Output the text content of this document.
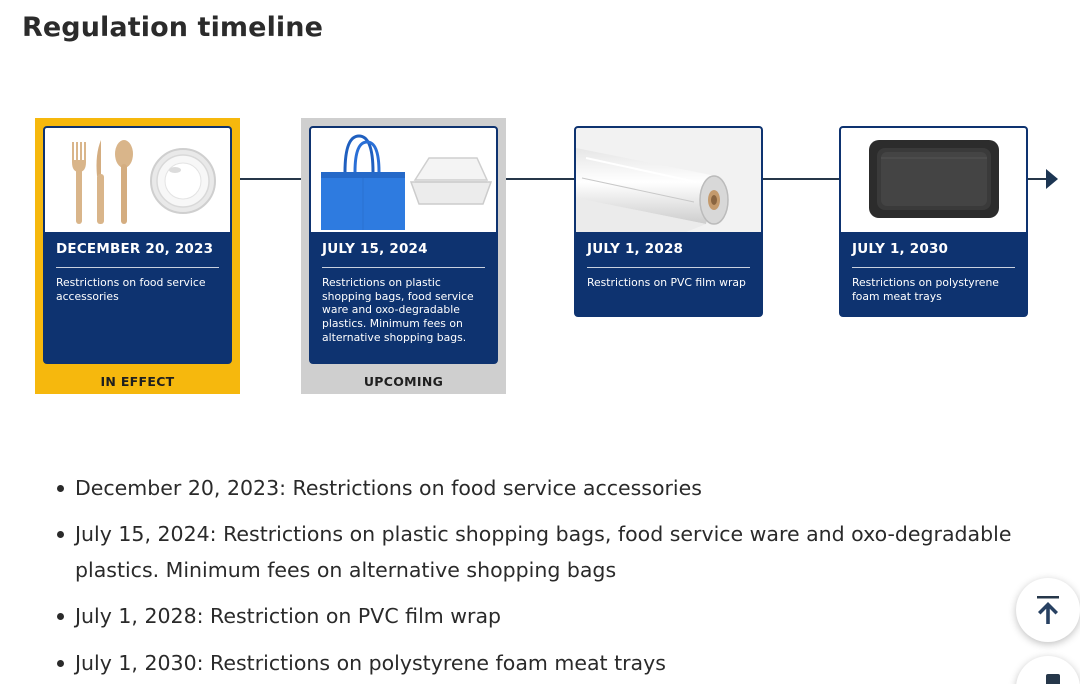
Regulation timeline
IN EFFECT	UPCOMING
DECEMBER 20, 2023
Restrictions on food service accessories
JULY 15, 2024
Restrictions on plastic shopping bags, food service ware and oxo-degradable plastics. Minimum fees on alternative shopping bags.
JULY 1, 2028
Restrictions on PVC film wrap
JULY 1, 2030
Restrictions on polystyrene foam meat trays
December 20, 2023: Restrictions on food service accessories
July 15, 2024: Restrictions on plastic shopping bags, food service ware and oxo-degradable plastics. Minimum fees on alternative shopping bags
July 1, 2028: Restriction on PVC film wrap
July 1, 2030: Restrictions on polystyrene foam meat trays
